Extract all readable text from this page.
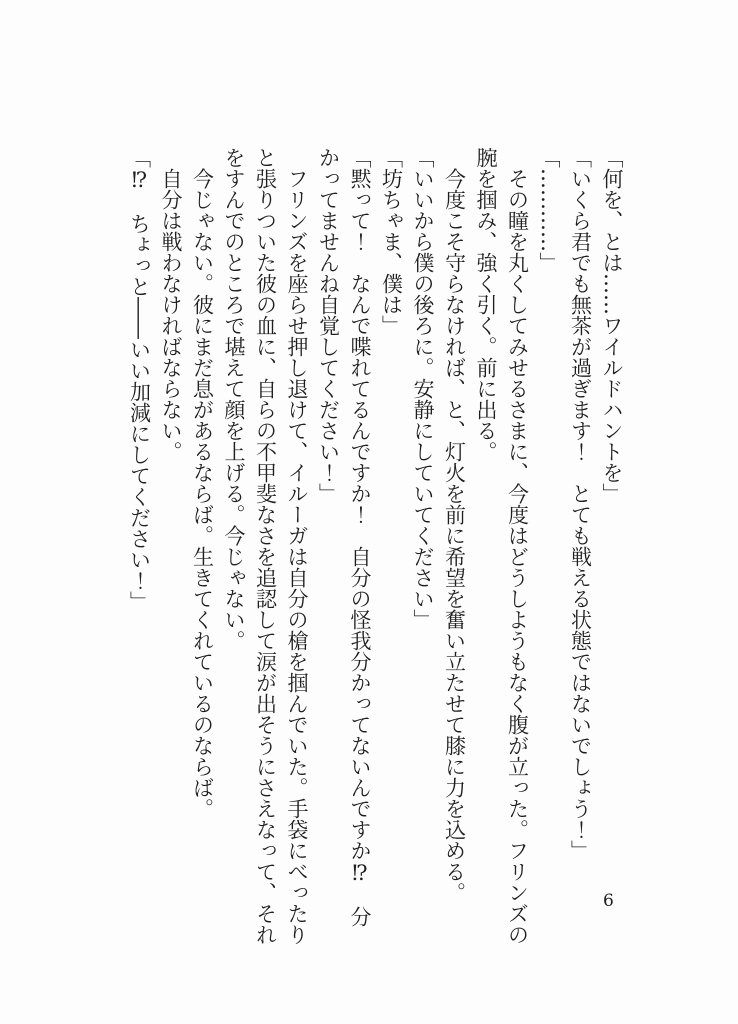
「何を、とは……ワイルドハントを」

「いくら君でも無茶が過ぎます！　とても戦える状態ではないでしょう！」

「…………」

その瞳を丸くしてみせるさまに、今度はどうしようもなく腹が立った。フリンズの腕を掴み、強く引く。前に出る。

今度こそ守らなければ、と、灯火を前に希望を奮い立たせて膝に力を込める。

「いいから僕の後ろに。安静にしていてください」

「坊ちゃま、僕は」

「黙って！　なんで喋れてるんですか！　自分の怪我分かってないんですか⁉　分かってませんね自覚してください！」

フリンズを座らせ押し退けて、イルーガは自分の槍を掴んでいた。手袋にべったりと張りついた彼の血に、自らの不甲斐なさを追認して涙が出そうにさえなって、それをすんでのところで堪えて顔を上げる。今じゃない。

今じゃない。彼にまだ息があるならば。生きてくれているのならば。

自分は戦わなければならない。

「⁉　ちょっと――いい加減にしてください！」

6
